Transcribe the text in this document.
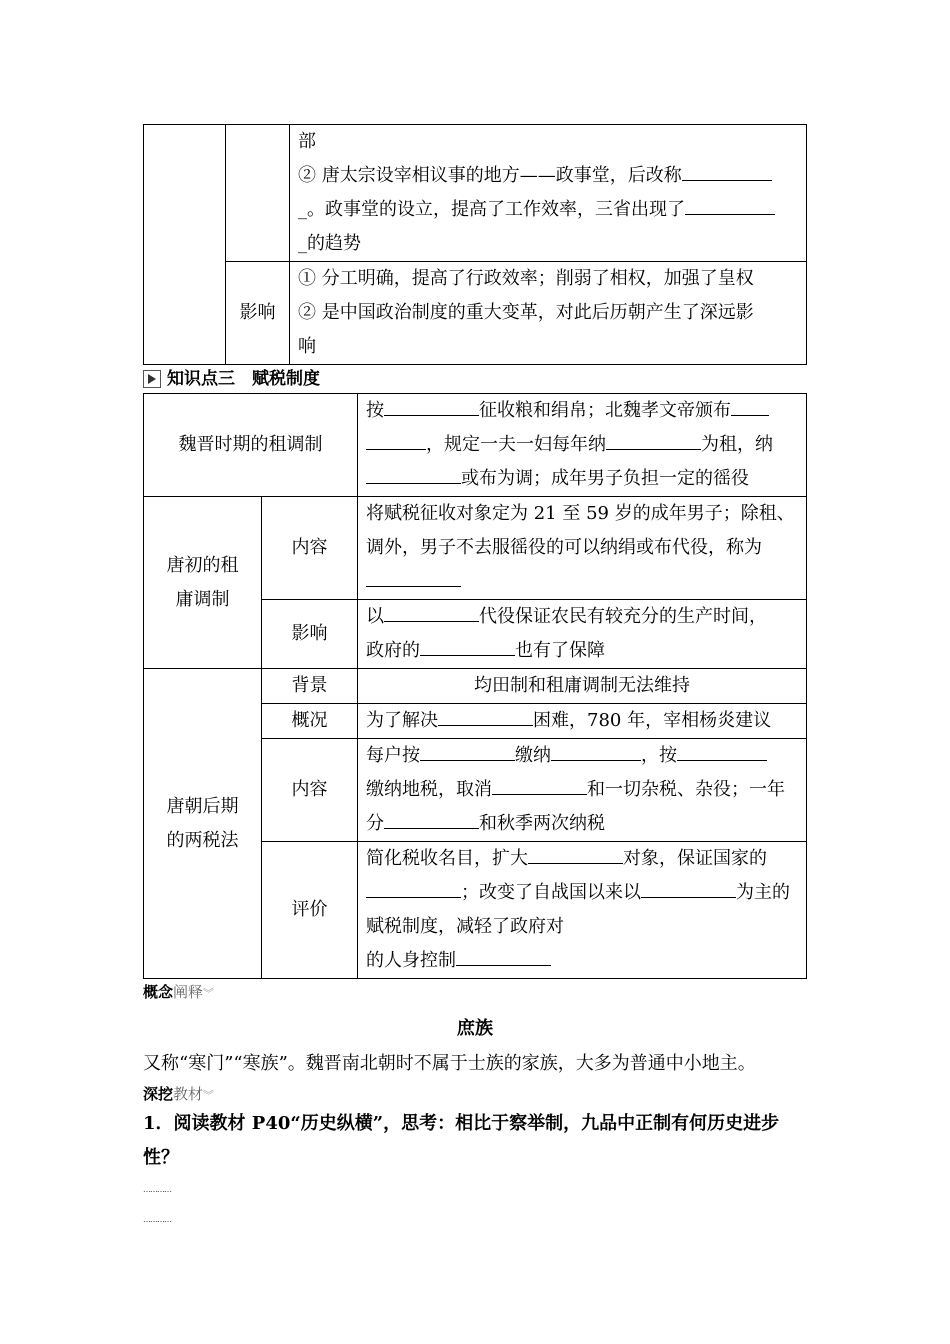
		部
② 唐太宗设宰相议事的地方——政事堂，后改称
_。政事堂的设立，提高了工作效率，三省出现了
_的趋势

	影响	① 分工明确，提高了行政效率；削弱了相权，加强了皇权
② 是中国政治制度的重大变革，对此后历朝产生了深远影
响
知识点三　赋税制度
魏晋时期的租调制		按 征收粮和绢帛；北魏孝文帝颁布
，规定一夫一妇每年纳 为租，纳
或布为调；成年男子负担一定的徭役
唐初的租庸调制	内容	将赋税征收对象定为 21 至 59 岁的成年男子；除租、调外，男子不去服徭役的可以纳绢或布代役，称为
	影响	以 代役保证农民有较充分的生产时间，
政府的 也有了保障
唐朝后期的两税法	背景	均田制和租庸调制无法维持
	概况	为了解决 困难，780 年，宰相杨炎建议
	内容	每户按 缴纳 ，按
缴纳地税，取消 和一切杂税、杂役；一年分 和秋季两次纳税
	评价	简化税收名目，扩大 对象，保证国家的
；改变了自战国以来以 为主的赋税制度，减轻了政府对
的人身控制
概念阐释︾
庶族
又称“寒门”“寒族”。魏晋南北朝时不属于士族的家族，大多为普通中小地主。
深挖教材︾
1．阅读教材 P40“历史纵横”，思考：相比于察举制，九品中正制有何历史进步性？
…………
…………
